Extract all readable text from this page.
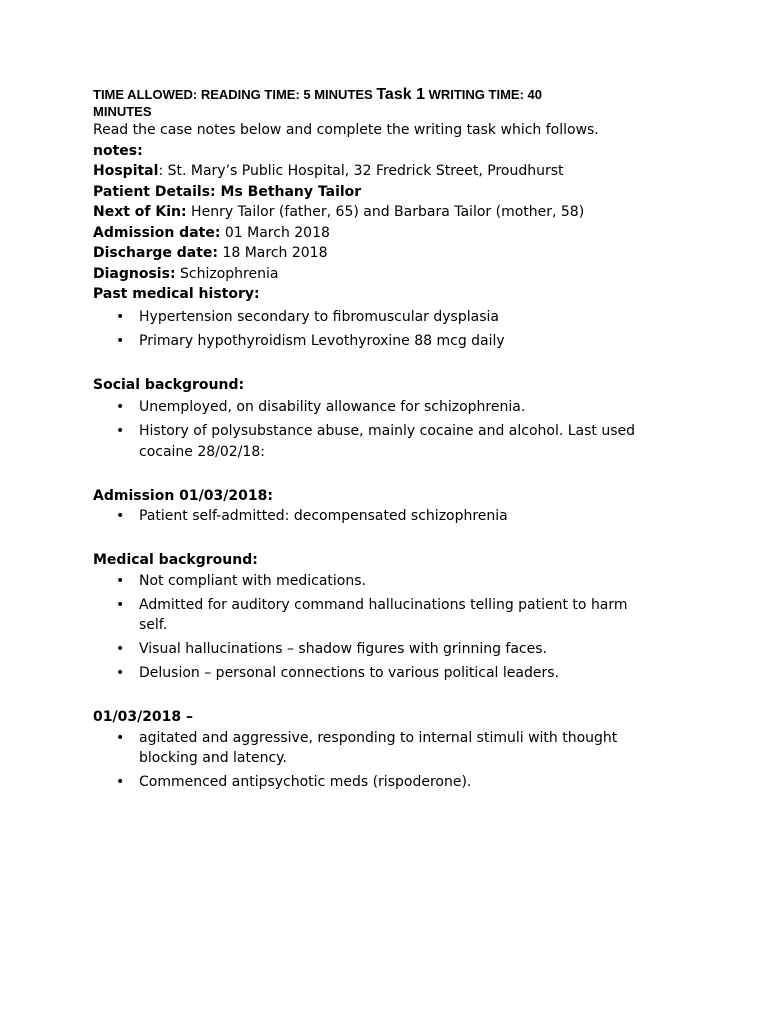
TIME ALLOWED: READING TIME: 5 MINUTES Task 1 WRITING TIME: 40
MINUTES

Read the case notes below and complete the writing task which follows.

notes:

Hospital: St. Mary’s Public Hospital, 32 Fredrick Street, Proudhurst

Patient Details: Ms Bethany Tailor

Next of Kin: Henry Tailor (father, 65) and Barbara Tailor (mother, 58)

Admission date: 01 March 2018

Discharge date: 18 March 2018

Diagnosis: Schizophrenia

Past medical history:

• Hypertension secondary to fibromuscular dysplasia
• Primary hypothyroidism Levothyroxine 88 mcg daily

Social background:

• Unemployed, on disability allowance for schizophrenia.
• History of polysubstance abuse, mainly cocaine and alcohol. Last used cocaine 28/02/18:

Admission 01/03/2018:

• Patient self-admitted: decompensated schizophrenia

Medical background:

• Not compliant with medications.
• Admitted for auditory command hallucinations telling patient to harm self.
• Visual hallucinations – shadow figures with grinning faces.
• Delusion – personal connections to various political leaders.

01/03/2018 –

• agitated and aggressive, responding to internal stimuli with thought blocking and latency.
• Commenced antipsychotic meds (rispoderone).
